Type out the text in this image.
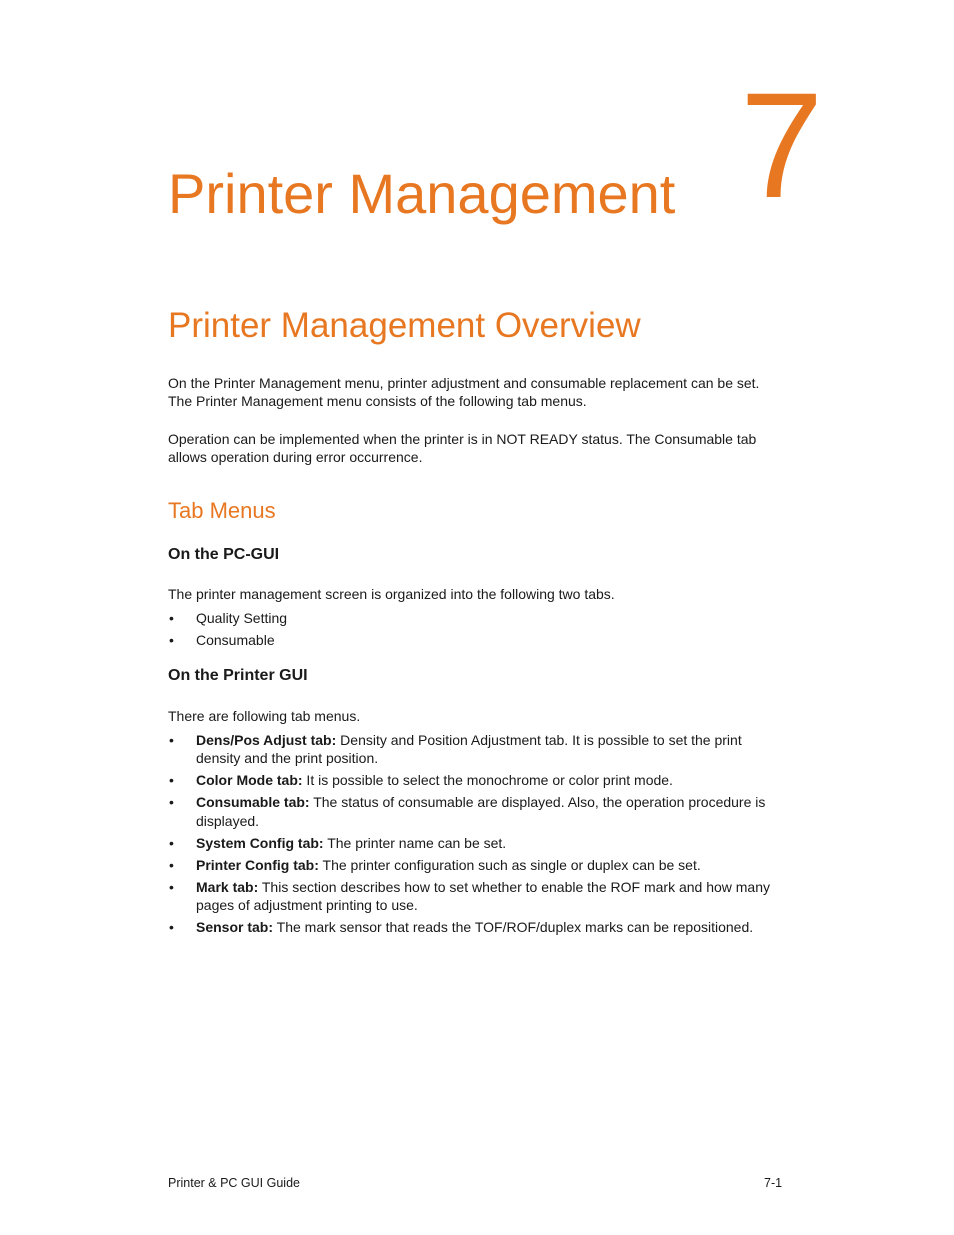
7
Printer Management
Printer Management Overview

On the Printer Management menu, printer adjustment and consumable replacement can be set. The Printer Management menu consists of the following tab menus.

Operation can be implemented when the printer is in NOT READY status. The Consumable tab allows operation during error occurrence.

Tab Menus
On the PC-GUI

The printer management screen is organized into the following two tabs.

• Quality Setting
• Consumable
On the Printer GUI

There are following tab menus.

• Dens/Pos Adjust tab: Density and Position Adjustment tab. It is possible to set the print density and the print position.
• Color Mode tab: It is possible to select the monochrome or color print mode.
• Consumable tab: The status of consumable are displayed. Also, the operation procedure is displayed.
• System Config tab: The printer name can be set.
• Printer Config tab: The printer configuration such as single or duplex can be set.
• Mark tab: This section describes how to set whether to enable the ROF mark and how many pages of adjustment printing to use.
• Sensor tab: The mark sensor that reads the TOF/ROF/duplex marks can be repositioned.
Printer & PC GUI Guide	7-1
